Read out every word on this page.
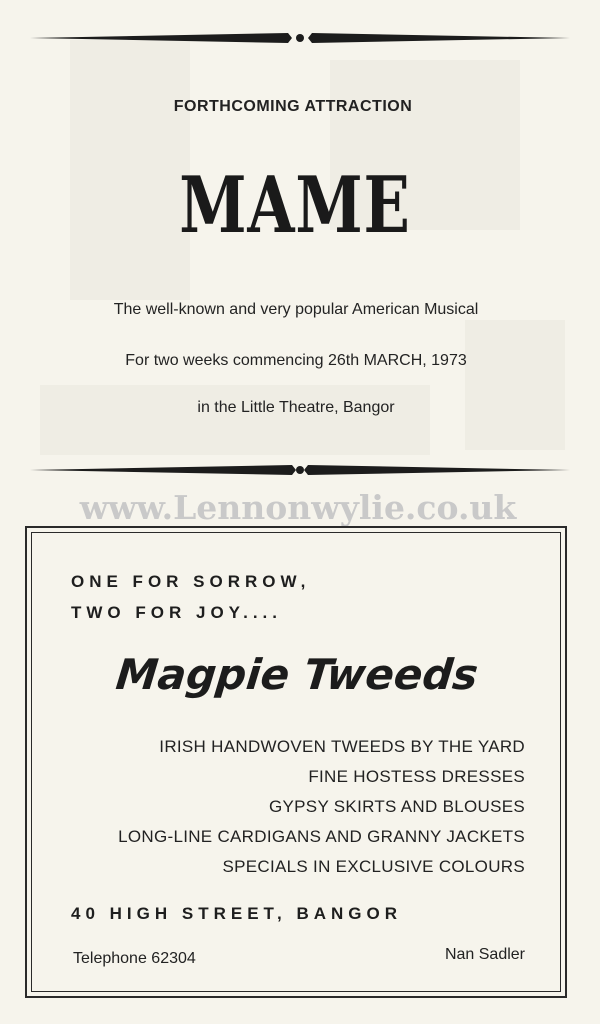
FORTHCOMING ATTRACTION
MAME
The well-known and very popular American Musical
For two weeks commencing 26th MARCH, 1973
in the Little Theatre, Bangor
www.Lennonwylie.co.uk
ONE FOR SORROW,
TWO FOR JOY....
Magpie Tweeds
IRISH HANDWOVEN TWEEDS BY THE YARD
FINE HOSTESS DRESSES
GYPSY SKIRTS AND BLOUSES
LONG-LINE CARDIGANS AND GRANNY JACKETS
SPECIALS IN EXCLUSIVE COLOURS
40 HIGH STREET, BANGOR
Telephone 62304	Nan Sadler
